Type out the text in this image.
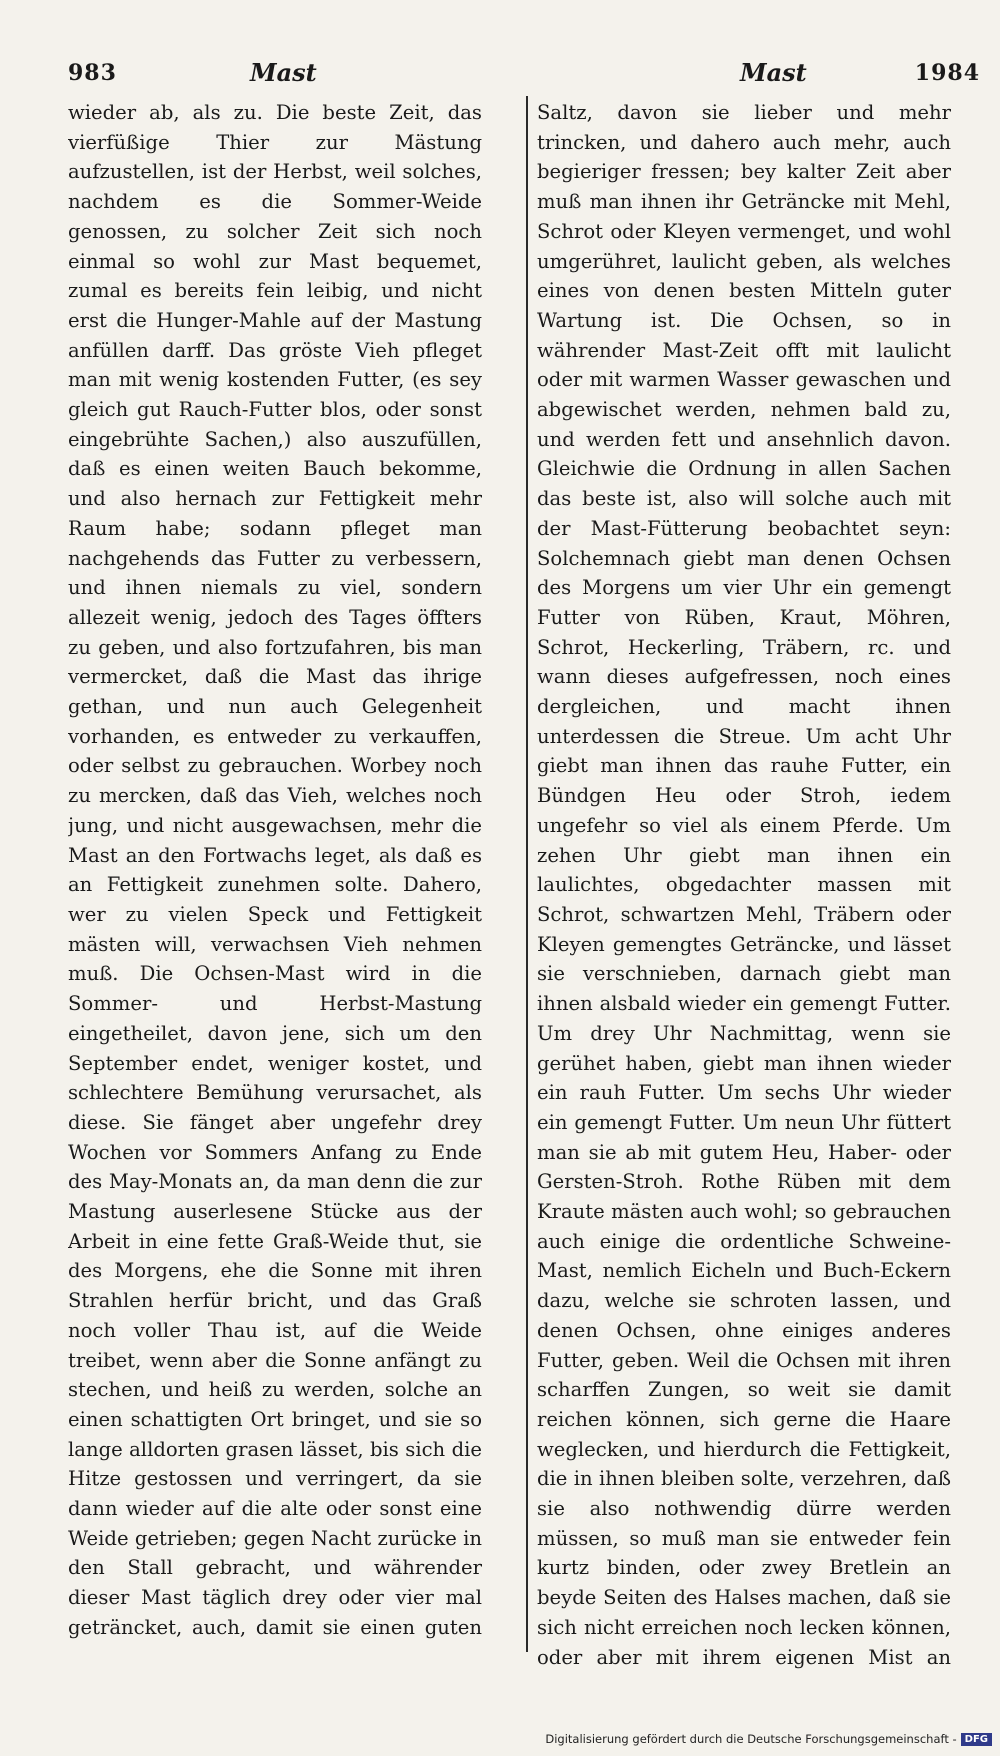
983	Mast	Mast	1984

wieder ab, als zu. Die beste Zeit, das vierfüßige Thier zur Mästung aufzustellen, ist der Herbst, weil solches, nachdem es die Sommer-Weide genossen, zu solcher Zeit sich noch einmal so wohl zur Mast bequemet, zumal es bereits fein leibig, und nicht erst die Hunger-Mahle auf der Mastung anfüllen darff. Das gröste Vieh pfleget man mit wenig kostenden Futter, (es sey gleich gut Rauch-Futter blos, oder sonst eingebrühte Sachen,) also auszufüllen, daß es einen weiten Bauch bekomme, und also hernach zur Fettigkeit mehr Raum habe; sodann pfleget man nachgehends das Futter zu verbessern, und ihnen niemals zu viel, sondern allezeit wenig, jedoch des Tages öffters zu geben, und also fortzufahren, bis man vermercket, daß die Mast das ihrige gethan, und nun auch Gelegenheit vorhanden, es entweder zu verkauffen, oder selbst zu gebrauchen. Worbey noch zu mercken, daß das Vieh, welches noch jung, und nicht ausgewachsen, mehr die Mast an den Fortwachs leget, als daß es an Fettigkeit zunehmen solte. Dahero, wer zu vielen Speck und Fettigkeit mästen will, verwachsen Vieh nehmen muß. Die Ochsen-Mast wird in die Sommer- und Herbst-Mastung eingetheilet, davon jene, sich um den September endet, weniger kostet, und schlechtere Bemühung verursachet, als diese. Sie fänget aber ungefehr drey Wochen vor Sommers Anfang zu Ende des May-Monats an, da man denn die zur Mastung auserlesene Stücke aus der Arbeit in eine fette Graß-Weide thut, sie des Morgens, ehe die Sonne mit ihren Strahlen herfür bricht, und das Graß noch voller Thau ist, auf die Weide treibet, wenn aber die Sonne anfängt zu stechen, und heiß zu werden, solche an einen schattigten Ort bringet, und sie so lange alldorten grasen lässet, bis sich die Hitze gestossen und verringert, da sie dann wieder auf die alte oder sonst eine Weide getrieben; gegen Nacht zurücke in den Stall gebracht, und währender dieser Mast täglich drey oder vier mal geträncket, auch, damit sie einen guten

Saltz, davon sie lieber und mehr trincken, und dahero auch mehr, auch begieriger fressen; bey kalter Zeit aber muß man ihnen ihr Geträncke mit Mehl, Schrot oder Kleyen vermenget, und wohl umgerühret, laulicht geben, als welches eines von denen besten Mitteln guter Wartung ist. Die Ochsen, so in währender Mast-Zeit offt mit laulicht oder mit warmen Wasser gewaschen und abgewischet werden, nehmen bald zu, und werden fett und ansehnlich davon. Gleichwie die Ordnung in allen Sachen das beste ist, also will solche auch mit der Mast-Fütterung beobachtet seyn: Solchemnach giebt man denen Ochsen des Morgens um vier Uhr ein gemengt Futter von Rüben, Kraut, Möhren, Schrot, Heckerling, Träbern, rc. und wann dieses aufgefressen, noch eines dergleichen, und macht ihnen unterdessen die Streue. Um acht Uhr giebt man ihnen das rauhe Futter, ein Bündgen Heu oder Stroh, iedem ungefehr so viel als einem Pferde. Um zehen Uhr giebt man ihnen ein laulichtes, obgedachter massen mit Schrot, schwartzen Mehl, Träbern oder Kleyen gemengtes Geträncke, und lässet sie verschnieben, darnach giebt man ihnen alsbald wieder ein gemengt Futter. Um drey Uhr Nachmittag, wenn sie gerühet haben, giebt man ihnen wieder ein rauh Futter. Um sechs Uhr wieder ein gemengt Futter. Um neun Uhr füttert man sie ab mit gutem Heu, Haber- oder Gersten-Stroh. Rothe Rüben mit dem Kraute mästen auch wohl; so gebrauchen auch einige die ordentliche Schweine-Mast, nemlich Eicheln und Buch-Eckern dazu, welche sie schroten lassen, und denen Ochsen, ohne einiges anderes Futter, geben. Weil die Ochsen mit ihren scharffen Zungen, so weit sie damit reichen können, sich gerne die Haare weglecken, und hierdurch die Fettigkeit, die in ihnen bleiben solte, verzehren, daß sie also nothwendig dürre werden müssen, so muß man sie entweder fein kurtz binden, oder zwey Bretlein an beyde Seiten des Halses machen, daß sie sich nicht erreichen noch lecken können, oder aber mit ihrem eigenen Mist an

Digitalisierung gefördert durch die Deutsche Forschungsgemeinschaft - DFG
